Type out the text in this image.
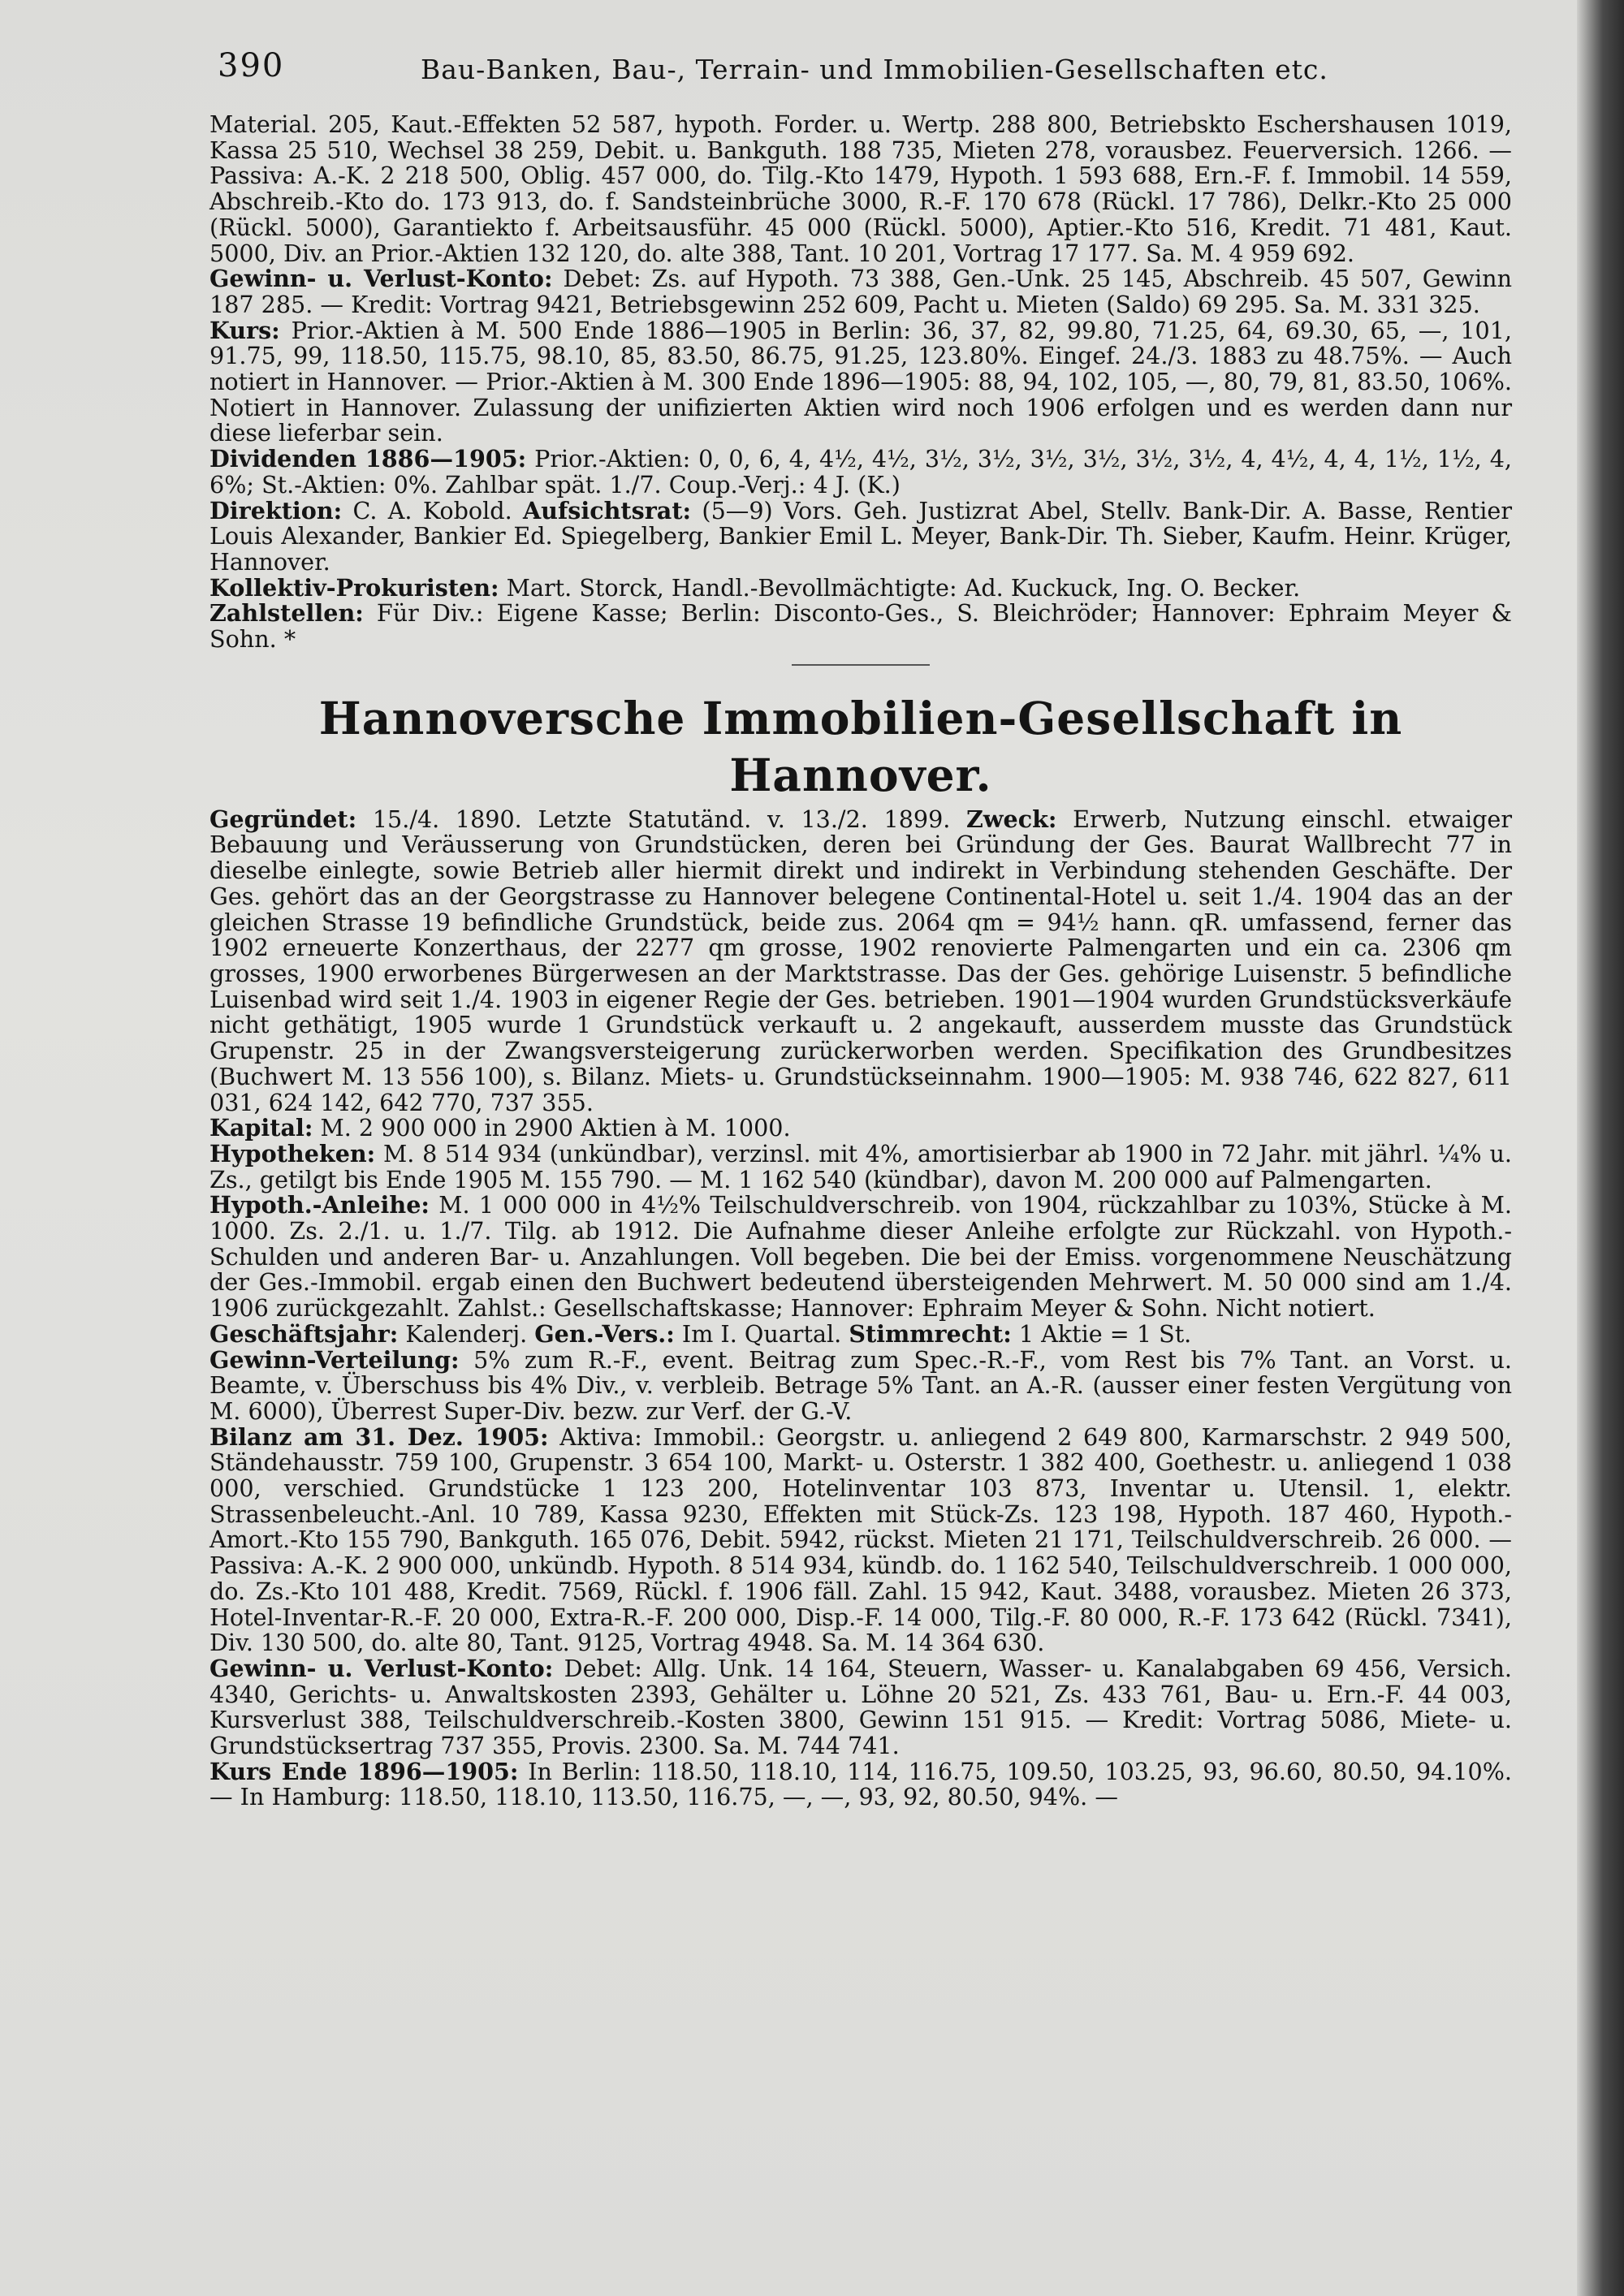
390	Bau-Banken, Bau-, Terrain- und Immobilien-Gesellschaften etc.

Material. 205, Kaut.-Effekten 52 587, hypoth. Forder. u. Wertp. 288 800, Betriebskto Eschershausen 1019, Kassa 25 510, Wechsel 38 259, Debit. u. Bankguth. 188 735, Mieten 278, vorausbez. Feuerversich. 1266. — Passiva: A.-K. 2 218 500, Oblig. 457 000, do. Tilg.-Kto 1479, Hypoth. 1 593 688, Ern.-F. f. Immobil. 14 559, Abschreib.-Kto do. 173 913, do. f. Sandsteinbrüche 3000, R.-F. 170 678 (Rückl. 17 786), Delkr.-Kto 25 000 (Rückl. 5000), Garantiekto f. Arbeitsausführ. 45 000 (Rückl. 5000), Aptier.-Kto 516, Kredit. 71 481, Kaut. 5000, Div. an Prior.-Aktien 132 120, do. alte 388, Tant. 10 201, Vortrag 17 177. Sa. M. 4 959 692.

Gewinn- u. Verlust-Konto: Debet: Zs. auf Hypoth. 73 388, Gen.-Unk. 25 145, Abschreib. 45 507, Gewinn 187 285. — Kredit: Vortrag 9421, Betriebsgewinn 252 609, Pacht u. Mieten (Saldo) 69 295. Sa. M. 331 325.

Kurs: Prior.-Aktien à M. 500 Ende 1886—1905 in Berlin: 36, 37, 82, 99.80, 71.25, 64, 69.30, 65, —, 101, 91.75, 99, 118.50, 115.75, 98.10, 85, 83.50, 86.75, 91.25, 123.80%. Eingef. 24./3. 1883 zu 48.75%. — Auch notiert in Hannover. — Prior.-Aktien à M. 300 Ende 1896—1905: 88, 94, 102, 105, —, 80, 79, 81, 83.50, 106%. Notiert in Hannover. Zulassung der unifizierten Aktien wird noch 1906 erfolgen und es werden dann nur diese lieferbar sein.

Dividenden 1886—1905: Prior.-Aktien: 0, 0, 6, 4, 4½, 4½, 3½, 3½, 3½, 3½, 3½, 3½, 4, 4½, 4, 4, 1½, 1½, 4, 6%; St.-Aktien: 0%. Zahlbar spät. 1./7. Coup.-Verj.: 4 J. (K.)

Direktion: C. A. Kobold. Aufsichtsrat: (5—9) Vors. Geh. Justizrat Abel, Stellv. Bank-Dir. A. Basse, Rentier Louis Alexander, Bankier Ed. Spiegelberg, Bankier Emil L. Meyer, Bank-Dir. Th. Sieber, Kaufm. Heinr. Krüger, Hannover.

Kollektiv-Prokuristen: Mart. Storck, Handl.-Bevollmächtigte: Ad. Kuckuck, Ing. O. Becker.

Zahlstellen: Für Div.: Eigene Kasse; Berlin: Disconto-Ges., S. Bleichröder; Hannover: Ephraim Meyer & Sohn. *

Hannoversche Immobilien-Gesellschaft in Hannover.

Gegründet: 15./4. 1890. Letzte Statutänd. v. 13./2. 1899. Zweck: Erwerb, Nutzung einschl. etwaiger Bebauung und Veräusserung von Grundstücken, deren bei Gründung der Ges. Baurat Wallbrecht 77 in dieselbe einlegte, sowie Betrieb aller hiermit direkt und indirekt in Verbindung stehenden Geschäfte. Der Ges. gehört das an der Georgstrasse zu Hannover belegene Continental-Hotel u. seit 1./4. 1904 das an der gleichen Strasse 19 befindliche Grundstück, beide zus. 2064 qm = 94½ hann. qR. umfassend, ferner das 1902 erneuerte Konzerthaus, der 2277 qm grosse, 1902 renovierte Palmengarten und ein ca. 2306 qm grosses, 1900 erworbenes Bürgerwesen an der Marktstrasse. Das der Ges. gehörige Luisenstr. 5 befindliche Luisenbad wird seit 1./4. 1903 in eigener Regie der Ges. betrieben. 1901—1904 wurden Grundstücksverkäufe nicht gethätigt, 1905 wurde 1 Grundstück verkauft u. 2 angekauft, ausserdem musste das Grundstück Grupenstr. 25 in der Zwangsversteigerung zurückerworben werden. Specifikation des Grundbesitzes (Buchwert M. 13 556 100), s. Bilanz. Miets- u. Grundstückseinnahm. 1900—1905: M. 938 746, 622 827, 611 031, 624 142, 642 770, 737 355.

Kapital: M. 2 900 000 in 2900 Aktien à M. 1000.

Hypotheken: M. 8 514 934 (unkündbar), verzinsl. mit 4%, amortisierbar ab 1900 in 72 Jahr. mit jährl. ¼% u. Zs., getilgt bis Ende 1905 M. 155 790. — M. 1 162 540 (kündbar), davon M. 200 000 auf Palmengarten.

Hypoth.-Anleihe: M. 1 000 000 in 4½% Teilschuldverschreib. von 1904, rückzahlbar zu 103%, Stücke à M. 1000. Zs. 2./1. u. 1./7. Tilg. ab 1912. Die Aufnahme dieser Anleihe erfolgte zur Rückzahl. von Hypoth.-Schulden und anderen Bar- u. Anzahlungen. Voll begeben. Die bei der Emiss. vorgenommene Neuschätzung der Ges.-Immobil. ergab einen den Buchwert bedeutend übersteigenden Mehrwert. M. 50 000 sind am 1./4. 1906 zurückgezahlt. Zahlst.: Gesellschaftskasse; Hannover: Ephraim Meyer & Sohn. Nicht notiert.

Geschäftsjahr: Kalenderj. Gen.-Vers.: Im I. Quartal. Stimmrecht: 1 Aktie = 1 St.

Gewinn-Verteilung: 5% zum R.-F., event. Beitrag zum Spec.-R.-F., vom Rest bis 7% Tant. an Vorst. u. Beamte, v. Überschuss bis 4% Div., v. verbleib. Betrage 5% Tant. an A.-R. (ausser einer festen Vergütung von M. 6000), Überrest Super-Div. bezw. zur Verf. der G.-V.

Bilanz am 31. Dez. 1905: Aktiva: Immobil.: Georgstr. u. anliegend 2 649 800, Karmarschstr. 2 949 500, Ständehausstr. 759 100, Grupenstr. 3 654 100, Markt- u. Osterstr. 1 382 400, Goethestr. u. anliegend 1 038 000, verschied. Grundstücke 1 123 200, Hotelinventar 103 873, Inventar u. Utensil. 1, elektr. Strassenbeleucht.-Anl. 10 789, Kassa 9230, Effekten mit Stück-Zs. 123 198, Hypoth. 187 460, Hypoth.-Amort.-Kto 155 790, Bankguth. 165 076, Debit. 5942, rückst. Mieten 21 171, Teilschuldverschreib. 26 000. — Passiva: A.-K. 2 900 000, unkündb. Hypoth. 8 514 934, kündb. do. 1 162 540, Teilschuldverschreib. 1 000 000, do. Zs.-Kto 101 488, Kredit. 7569, Rückl. f. 1906 fäll. Zahl. 15 942, Kaut. 3488, vorausbez. Mieten 26 373, Hotel-Inventar-R.-F. 20 000, Extra-R.-F. 200 000, Disp.-F. 14 000, Tilg.-F. 80 000, R.-F. 173 642 (Rückl. 7341), Div. 130 500, do. alte 80, Tant. 9125, Vortrag 4948. Sa. M. 14 364 630.

Gewinn- u. Verlust-Konto: Debet: Allg. Unk. 14 164, Steuern, Wasser- u. Kanalabgaben 69 456, Versich. 4340, Gerichts- u. Anwaltskosten 2393, Gehälter u. Löhne 20 521, Zs. 433 761, Bau- u. Ern.-F. 44 003, Kursverlust 388, Teilschuldverschreib.-Kosten 3800, Gewinn 151 915. — Kredit: Vortrag 5086, Miete- u. Grundstücksertrag 737 355, Provis. 2300. Sa. M. 744 741.

Kurs Ende 1896—1905: In Berlin: 118.50, 118.10, 114, 116.75, 109.50, 103.25, 93, 96.60, 80.50, 94.10%. — In Hamburg: 118.50, 118.10, 113.50, 116.75, —, —, 93, 92, 80.50, 94%. —
